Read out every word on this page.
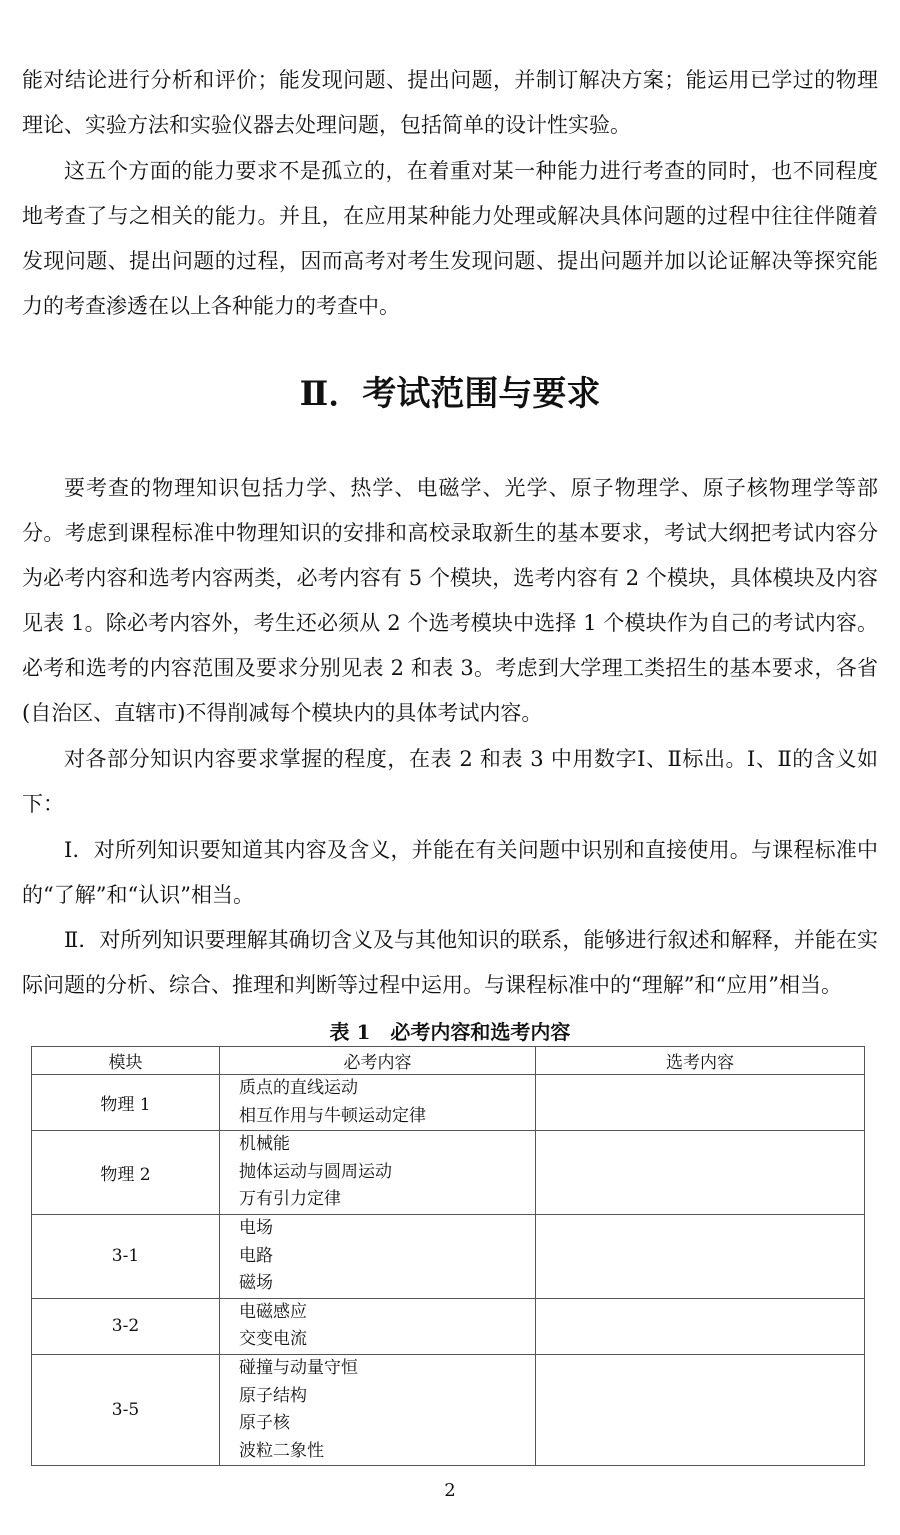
能对结论进行分析和评价；能发现问题、提出问题，并制订解决方案；能运用已学过的物理理论、实验方法和实验仪器去处理问题，包括简单的设计性实验。

这五个方面的能力要求不是孤立的，在着重对某一种能力进行考查的同时，也不同程度地考查了与之相关的能力。并且，在应用某种能力处理或解决具体问题的过程中往往伴随着发现问题、提出问题的过程，因而高考对考生发现问题、提出问题并加以论证解决等探究能力的考查渗透在以上各种能力的考查中。

Ⅱ．考试范围与要求

要考查的物理知识包括力学、热学、电磁学、光学、原子物理学、原子核物理学等部分。考虑到课程标准中物理知识的安排和高校录取新生的基本要求，考试大纲把考试内容分为必考内容和选考内容两类，必考内容有 5 个模块，选考内容有 2 个模块，具体模块及内容见表 1。除必考内容外，考生还必须从 2 个选考模块中选择 1 个模块作为自己的考试内容。必考和选考的内容范围及要求分别见表 2 和表 3。考虑到大学理工类招生的基本要求，各省(自治区、直辖市)不得削减每个模块内的具体考试内容。

对各部分知识内容要求掌握的程度，在表 2 和表 3 中用数字Ⅰ、Ⅱ标出。Ⅰ、Ⅱ的含义如下：

Ⅰ．对所列知识要知道其内容及含义，并能在有关问题中识别和直接使用。与课程标准中的“了解”和“认识”相当。

Ⅱ．对所列知识要理解其确切含义及与其他知识的联系，能够进行叙述和解释，并能在实际问题的分析、综合、推理和判断等过程中运用。与课程标准中的“理解”和“应用”相当。

表 1　必考内容和选考内容
模块	必考内容	选考内容
物理 1	质点的直线运动
相互作用与牛顿运动定律	

物理 2	机械能
抛体运动与圆周运动
万有引力定律	

3-1	电场
电路
磁场	

3-2	电磁感应
交变电流	

3-5	碰撞与动量守恒
原子结构
原子核
波粒二象性	

2
